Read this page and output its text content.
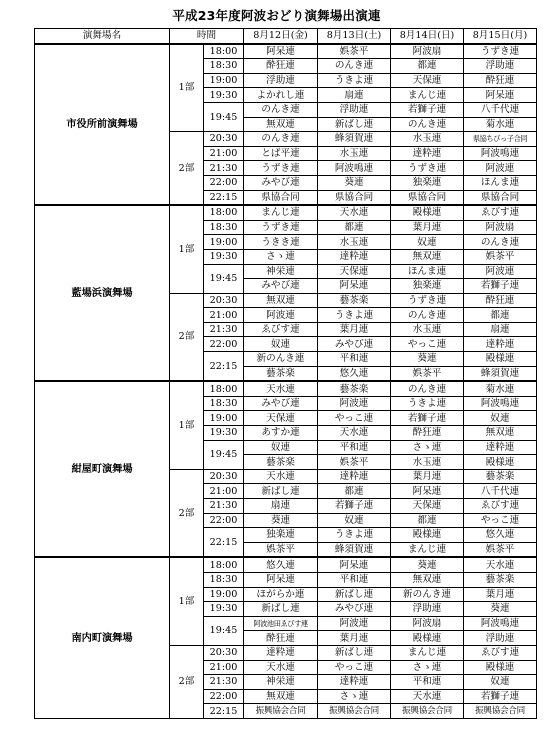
平成23年度阿波おどり演舞場出演連
演舞場名	時間		8月12日(金)	8月13日(土)	8月14日(日)	8月15日(月)
市役所前演舞場	1部	18:00	阿呆連	娯茶平	阿波扇	うずき連
		18:30	酔狂連	のんき連	都連	浮助連
		19:00	浮助連	うきよ連	天保連	酔狂連
		19:30	よかれし連	扇連	まんじ連	阿呆連
		19:45	のんき連	浮助連	若獅子連	八千代連
			無双連	新ばし連	のんき連	菊水連
	2部	20:30	のんき連	蜂須賀連	水玉連	県協ちびっ子合同
		21:00	とば平連	水玉連	達粋連	阿波鳴連
		21:30	うずき連	阿波鳴連	うずき連	阿波連
		22:00	みやび連	葵連	独楽連	ほんま連
		22:15	県協合同	県協合同	県協合同	県協合同
藍場浜演舞場	1部	18:00	まんじ連	天水連	殿様連	ゑびす連
		18:30	うずき連	都連	葉月連	阿波扇
		19:00	うきき連	水玉連	奴連	のんき連
		19:30	さゝ連	達粋連	無双連	娯茶平
		19:45	神栄連	天保連	ほんま連	阿波連
			みやび連	阿呆連	独楽連	若獅子連
	2部	20:30	無双連	藝茶楽	うずき連	酔狂連
		21:00	阿波連	うきよ連	のんき連	都連
		21:30	ゑびす連	葉月連	水玉連	扇連
		22:00	奴連	みやび連	やっこ連	達粋連
		22:15	新のんき連	平和連	葵連	殿様連
			藝茶楽	悠久連	娯茶平	蜂須賀連
紺屋町演舞場	1部	18:00	天水連	藝茶楽	のんき連	菊水連
		18:30	みやび連	阿波連	うきよ連	阿波鳴連
		19:00	天保連	やっこ連	若獅子連	奴連
		19:30	あすか連	天水連	酔狂連	無双連
		19:45	奴連	平和連	さゝ連	達粋連
			藝茶楽	娯茶平	水玉連	殿様連
	2部	20:30	天水連	達粋連	葉月連	藝茶楽
		21:00	新ばし連	都連	阿呆連	八千代連
		21:30	扇連	若獅子連	天保連	ゑびす連
		22:00	葵連	奴連	都連	やっこ連
		22:15	独楽連	うきよ連	殿様連	悠久連
			娯茶平	蜂須賀連	まんじ連	娯茶平
南内町演舞場	1部	18:00	悠久連	阿呆連	葵連	天水連
		18:30	阿呆連	平和連	無双連	藝茶楽
		19:00	ほがらか連	新ばし連	新のんき連	葉月連
		19:30	新ばし連	みやび連	浮助連	葵連
		19:45	阿波池田ゑびす連	阿波連	阿波扇	阿波鳴連
			酔狂連	葉月連	殿様連	浮助連
	2部	20:30	達粋連	新ばし連	まんじ連	ゑびす連
		21:00	天水連	やっこ連	さゝ連	殿様連
		21:30	神栄連	達粋連	平和連	奴連
		22:00	無双連	さゝ連	天水連	若獅子連
		22:15	振興協会合同	振興協会合同	振興協会合同	振興協会合同
